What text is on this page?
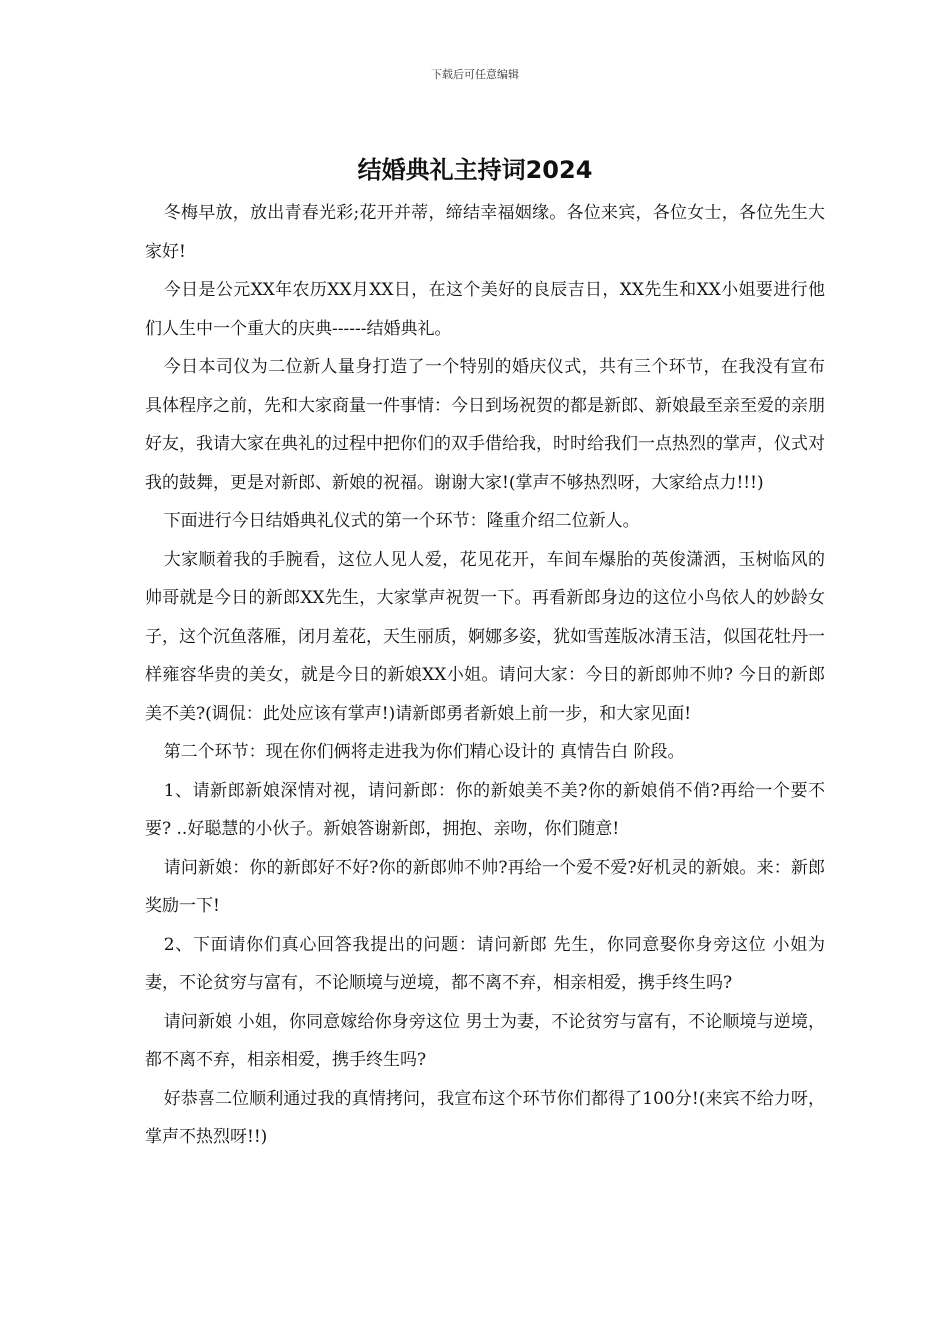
下载后可任意编辑
结婚典礼主持词2024

冬梅早放，放出青春光彩;花开并蒂，缔结幸福姻缘。各位来宾，各位女士，各位先生大家好!

今日是公元XX年农历XX月XX日，在这个美好的良辰吉日，XX先生和XX小姐要进行他们人生中一个重大的庆典------结婚典礼。

今日本司仪为二位新人量身打造了一个特别的婚庆仪式，共有三个环节，在我没有宣布具体程序之前，先和大家商量一件事情：今日到场祝贺的都是新郎、新娘最至亲至爱的亲朋好友，我请大家在典礼的过程中把你们的双手借给我，时时给我们一点热烈的掌声，仪式对我的鼓舞，更是对新郎、新娘的祝福。谢谢大家!(掌声不够热烈呀，大家给点力!!!)

下面进行今日结婚典礼仪式的第一个环节：隆重介绍二位新人。

大家顺着我的手腕看，这位人见人爱，花见花开，车间车爆胎的英俊潇洒，玉树临风的帅哥就是今日的新郎XX先生，大家掌声祝贺一下。再看新郎身边的这位小鸟依人的妙龄女子，这个沉鱼落雁，闭月羞花，天生丽质，婀娜多姿，犹如雪莲版冰清玉洁，似国花牡丹一样雍容华贵的美女，就是今日的新娘XX小姐。请问大家：今日的新郎帅不帅? 今日的新郎美不美?(调侃：此处应该有掌声!)请新郎勇者新娘上前一步，和大家见面!

第二个环节：现在你们俩将走进我为你们精心设计的 真情告白 阶段。

1、请新郎新娘深情对视，请问新郎：你的新娘美不美?你的新娘俏不俏?再给一个要不要? ..好聪慧的小伙子。新娘答谢新郎，拥抱、亲吻，你们随意!

请问新娘：你的新郎好不好?你的新郎帅不帅?再给一个爱不爱?好机灵的新娘。来：新郎奖励一下!

2、下面请你们真心回答我提出的问题：请问新郎 先生，你同意娶你身旁这位 小姐为妻，不论贫穷与富有，不论顺境与逆境，都不离不弃，相亲相爱，携手终生吗?

请问新娘 小姐，你同意嫁给你身旁这位 男士为妻，不论贫穷与富有，不论顺境与逆境，都不离不弃，相亲相爱，携手终生吗?

好恭喜二位顺利通过我的真情拷问，我宣布这个环节你们都得了100分!(来宾不给力呀，掌声不热烈呀!!)
